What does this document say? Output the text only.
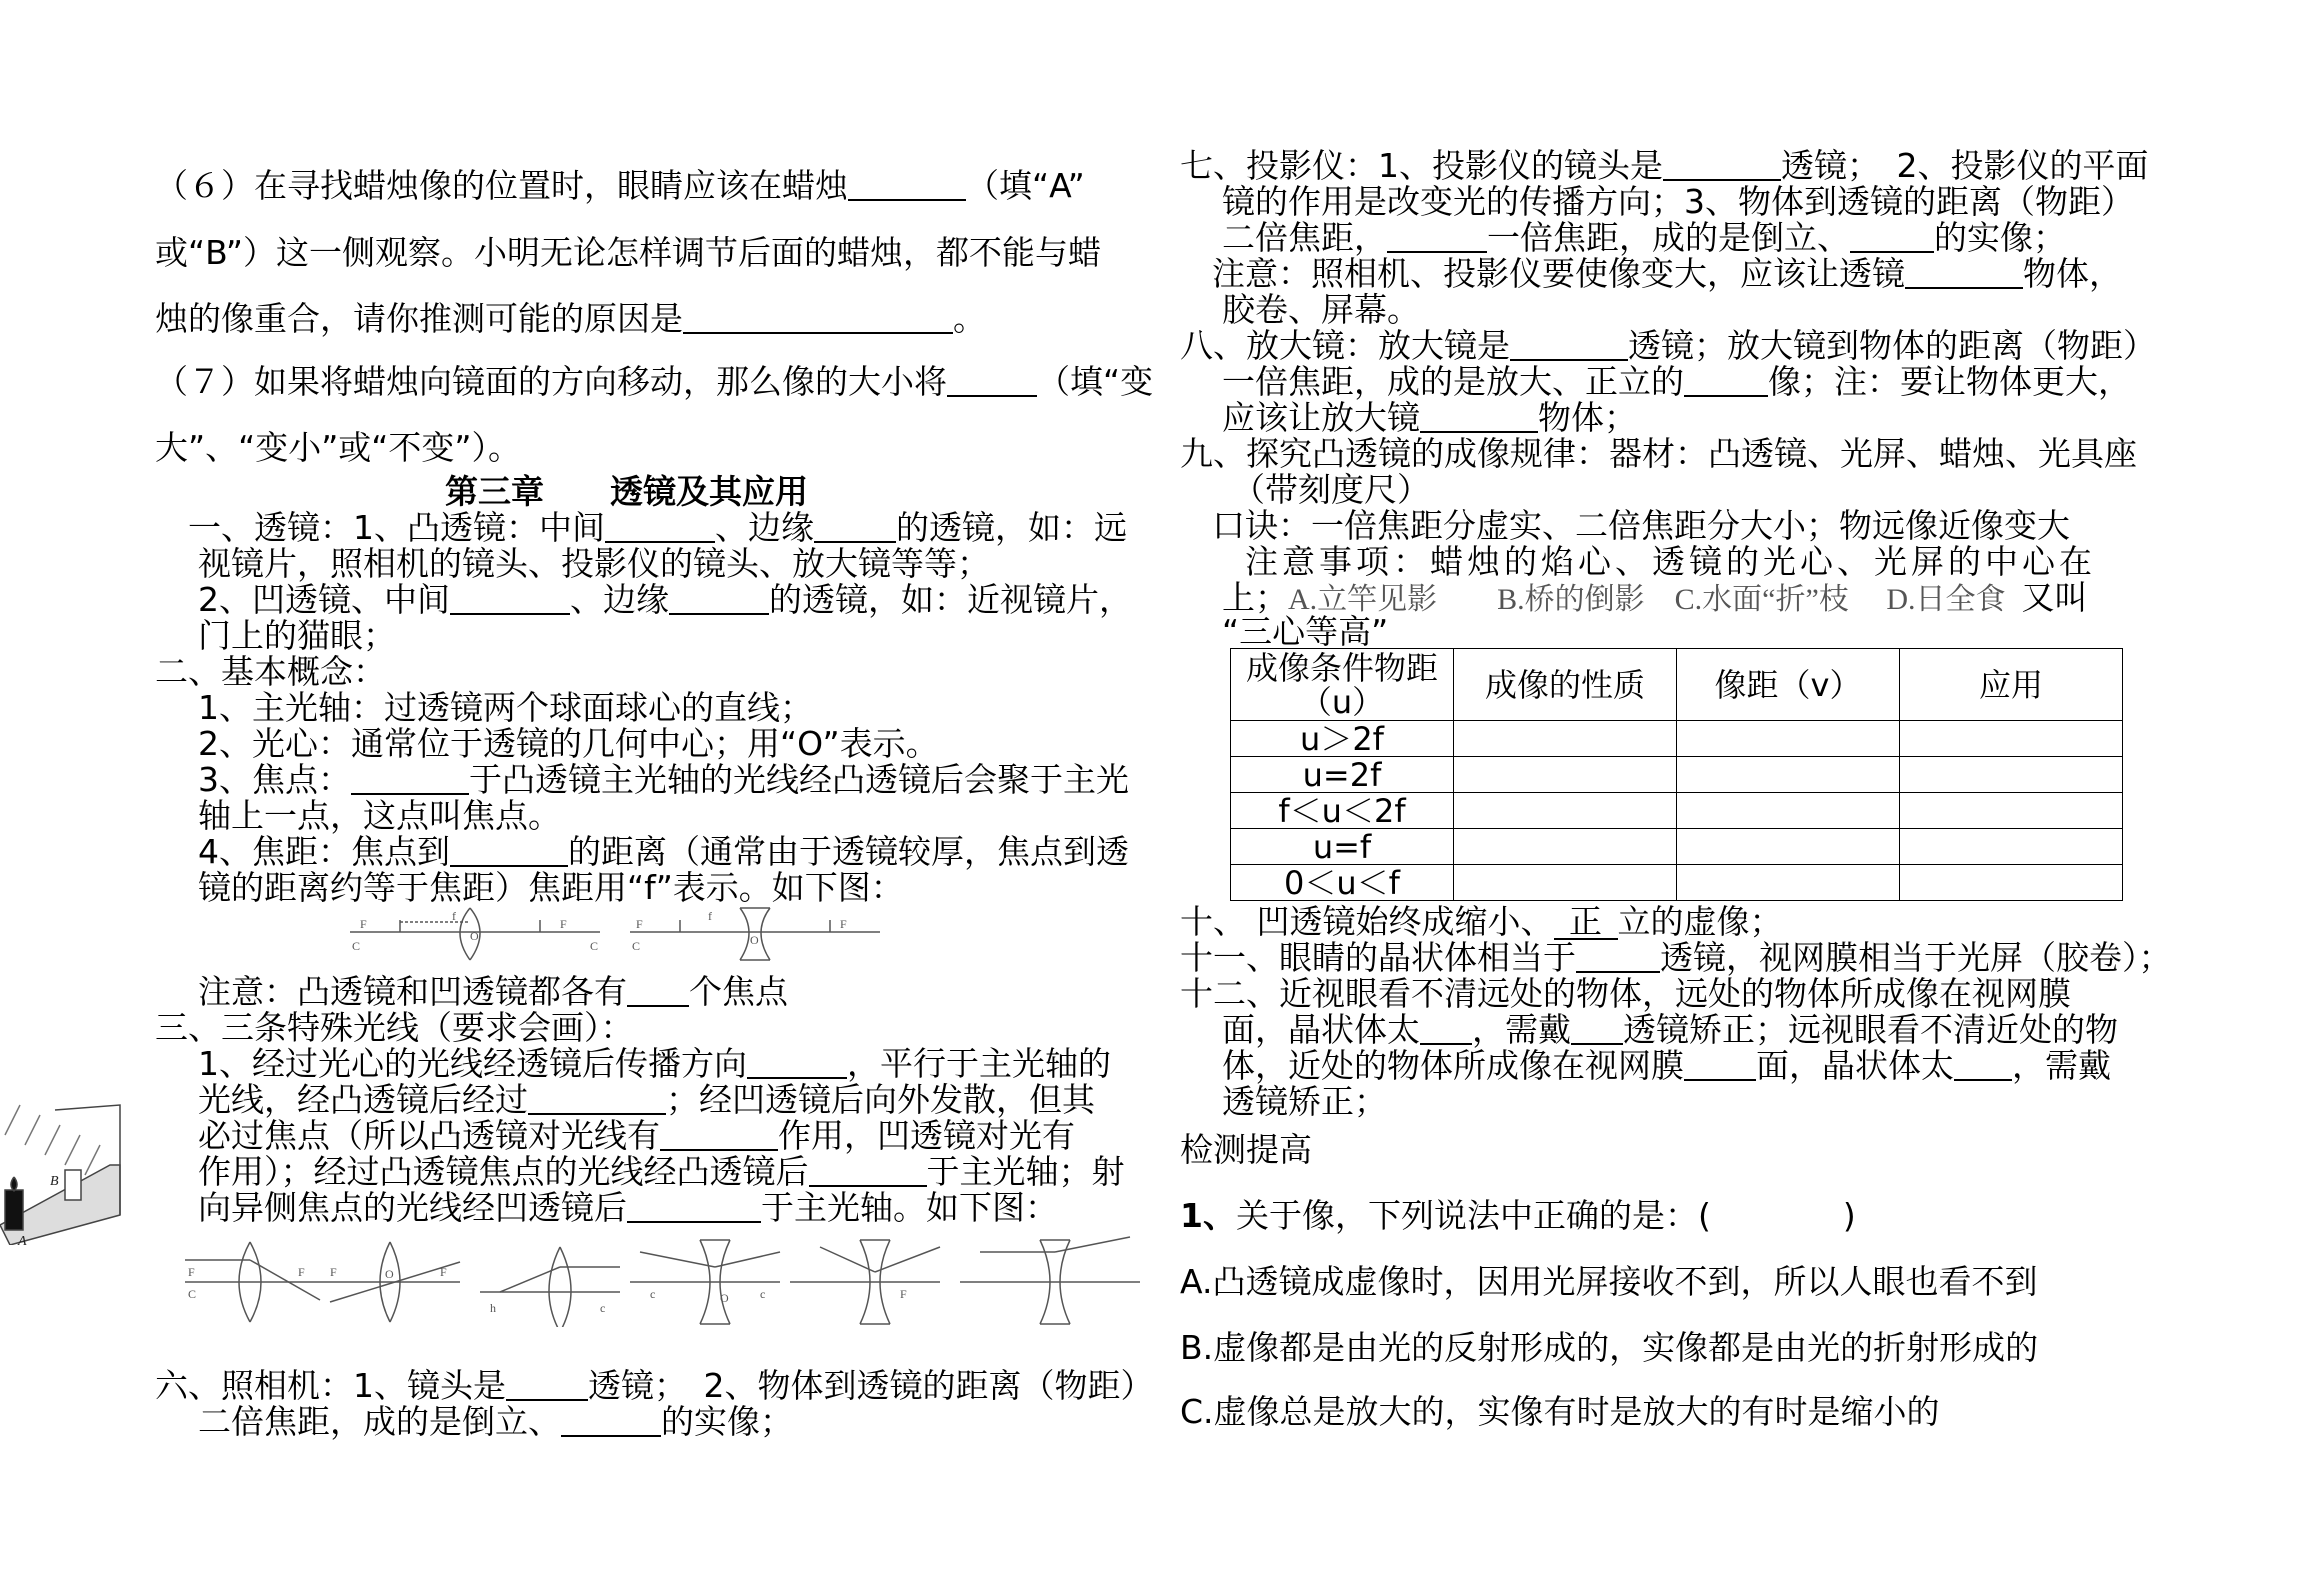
（６）在寻找蜡烛像的位置时，眼睛应该在蜡烛	（填“A”
或“B”）这一侧观察。小明无论怎样调节后面的蜡烛，都不能与蜡
烛的像重合，请你推测可能的原因是	。
（７）如果将蜡烛向镜面的方向移动，那么像的大小将	（填“变
大”、“变小”或“不变”）。
第三章　　透镜及其应用
一、透镜：1、凸透镜：中间	、边缘 的透镜，如：远
视镜片，照相机的镜头、投影仪的镜头、放大镜等等；
2、凹透镜、中间	、边缘	的透镜，如：近视镜片，
门上的猫眼；
二、基本概念：
1、主光轴：过透镜两个球面球心的直线；
2、光心：通常位于透镜的几何中心；用“O”表示。
3、焦点：	于凸透镜主光轴的光线经凸透镜后会聚于主光
轴上一点，这点叫焦点。
4、焦距：焦点到	的距离（通常由于透镜较厚，焦点到透
镜的距离约等于焦距）焦距用“f”表示。如下图：
F
C
f
O
F
C
F
C
f
O
F
注意：凸透镜和凹透镜都各有 个焦点
三、三条特殊光线（要求会画）：
1、经过光心的光线经透镜后传播方向	，平行于主光轴的
光线，经凸透镜后经过	；经凹透镜后向外发散，但其
必过焦点（所以凸透镜对光线有	作用，凹透镜对光有
作用）；经过凸透镜焦点的光线经凸透镜后	于主光轴；射
向异侧焦点的光线经凹透镜后	于主光轴。如下图：
F
C
F F	F
O
h	c
O
c	c	F
B
A
六、照相机：1、镜头是 透镜；　2、物体到透镜的距离（物距）
二倍焦距，成的是倒立、	的实像；
七、投影仪：1、投影仪的镜头是	透镜；　2、投影仪的平面
镜的作用是改变光的传播方向；3、物体到透镜的距离（物距）
二倍焦距，	一倍焦距，成的是倒立、	的实像；
注意：照相机、投影仪要使像变大，应该让透镜	物体，
胶卷、屏幕。
八、放大镜：放大镜是	透镜；放大镜到物体的距离（物距）
一倍焦距，成的是放大、正立的	像；注：要让物体更大，
应该让放大镜	物体；
九、探究凸透镜的成像规律：器材：凸透镜、光屏、蜡烛、光具座
（带刻度尺）
口诀：一倍焦距分虚实、二倍焦距分大小；物远像近像变大
注意事项：蜡烛的焰心、透镜的光心、光屏的中心在
上；A.立竿见影　　B.桥的倒影　C.水面“折”枝　 D.日全食 又叫
“三心等高”
成像条件物距（u）	成像的性质	像距（v）	应用
u＞2f			
u=2f			
f＜u＜2f			
u=f			
0＜u＜f			
十、 凹透镜始终成缩小、 正 立的虚像；
十一、眼睛的晶状体相当于	透镜，视网膜相当于光屏（胶卷）；
十二、近视眼看不清远处的物体，远处的物体所成像在视网膜
面，晶状体太 ，需戴 透镜矫正；远视眼看不清近处的物
体，近处的物体所成像在视网膜 面，晶状体太 ，需戴
透镜矫正；
检测提高
1、关于像，下列说法中正确的是：(　　　　)
A.凸透镜成虚像时，因用光屏接收不到，所以人眼也看不到
B.虚像都是由光的反射形成的，实像都是由光的折射形成的
C.虚像总是放大的，实像有时是放大的有时是缩小的
